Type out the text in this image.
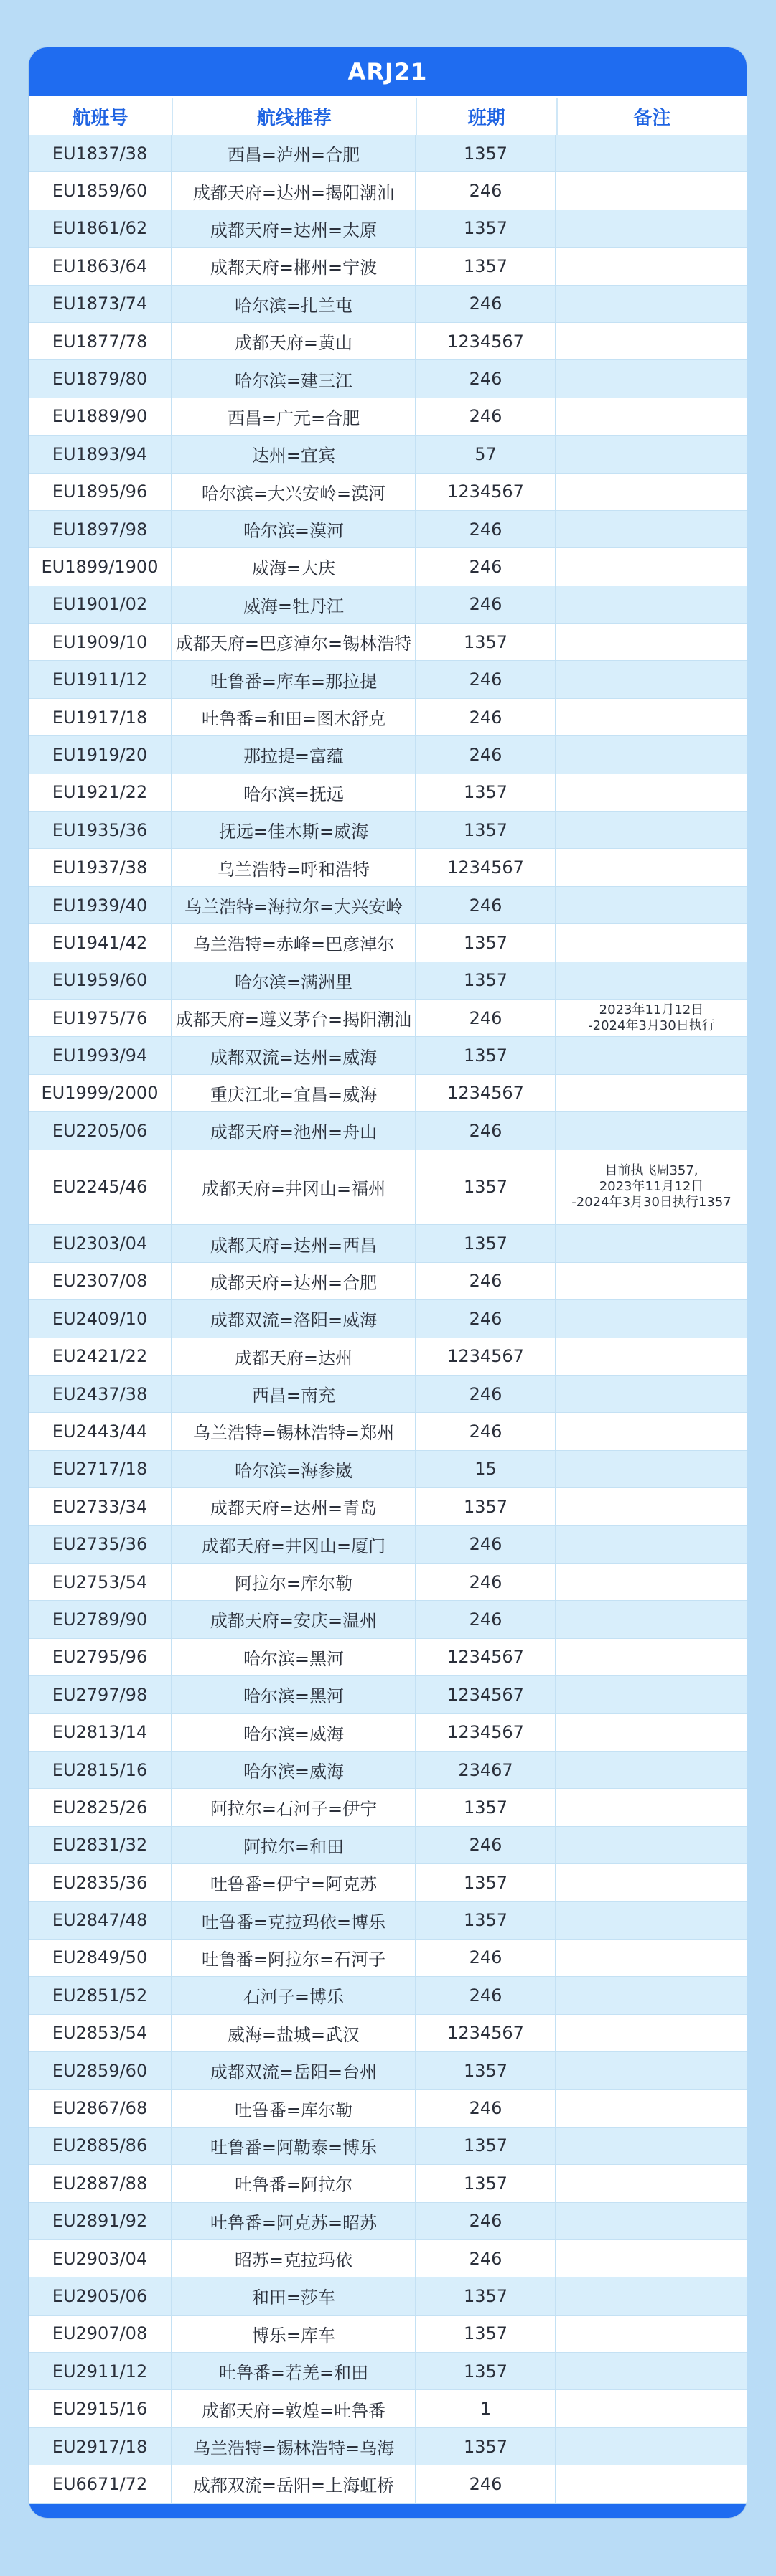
ARJ21
航班号	航线推荐	班期	备注
EU1837/38	西昌=泸州=合肥	1357
EU1859/60	成都天府=达州=揭阳潮汕	246
EU1861/62	成都天府=达州=太原	1357
EU1863/64	成都天府=郴州=宁波	1357
EU1873/74	哈尔滨=扎兰屯	246
EU1877/78	成都天府=黄山	1234567
EU1879/80	哈尔滨=建三江	246
EU1889/90	西昌=广元=合肥	246
EU1893/94	达州=宜宾	57
EU1895/96	哈尔滨=大兴安岭=漠河	1234567
EU1897/98	哈尔滨=漠河	246
EU1899/1900	威海=大庆	246
EU1901/02	威海=牡丹江	246
EU1909/10	成都天府=巴彦淖尔=锡林浩特	1357
EU1911/12	吐鲁番=库车=那拉提	246
EU1917/18	吐鲁番=和田=图木舒克	246
EU1919/20	那拉提=富蕴	246
EU1921/22	哈尔滨=抚远	1357
EU1935/36	抚远=佳木斯=威海	1357
EU1937/38	乌兰浩特=呼和浩特	1234567
EU1939/40	乌兰浩特=海拉尔=大兴安岭	246
EU1941/42	乌兰浩特=赤峰=巴彦淖尔	1357
EU1959/60	哈尔滨=满洲里	1357
EU1975/76	成都天府=遵义茅台=揭阳潮汕	246	2023年11月12日
-2024年3月30日执行
EU1993/94	成都双流=达州=威海	1357
EU1999/2000	重庆江北=宜昌=威海	1234567
EU2205/06	成都天府=池州=舟山	246
EU2245/46	成都天府=井冈山=福州	1357
目前执飞周357,
2023年11月12日
-2024年3月30日执行1357
EU2303/04	成都天府=达州=西昌	1357
EU2307/08	成都天府=达州=合肥	246
EU2409/10	成都双流=洛阳=威海	246
EU2421/22	成都天府=达州	1234567
EU2437/38	西昌=南充	246
EU2443/44	乌兰浩特=锡林浩特=郑州	246
EU2717/18	哈尔滨=海参崴	15
EU2733/34	成都天府=达州=青岛	1357
EU2735/36	成都天府=井冈山=厦门	246
EU2753/54	阿拉尔=库尔勒	246
EU2789/90	成都天府=安庆=温州	246
EU2795/96	哈尔滨=黑河	1234567
EU2797/98	哈尔滨=黑河	1234567
EU2813/14	哈尔滨=威海	1234567
EU2815/16	哈尔滨=威海	23467
EU2825/26	阿拉尔=石河子=伊宁	1357
EU2831/32	阿拉尔=和田	246
EU2835/36	吐鲁番=伊宁=阿克苏	1357
EU2847/48	吐鲁番=克拉玛依=博乐	1357
EU2849/50	吐鲁番=阿拉尔=石河子	246
EU2851/52	石河子=博乐	246
EU2853/54	威海=盐城=武汉	1234567
EU2859/60	成都双流=岳阳=台州	1357
EU2867/68	吐鲁番=库尔勒	246
EU2885/86	吐鲁番=阿勒泰=博乐	1357
EU2887/88	吐鲁番=阿拉尔	1357
EU2891/92	吐鲁番=阿克苏=昭苏	246
EU2903/04	昭苏=克拉玛依	246
EU2905/06	和田=莎车	1357
EU2907/08	博乐=库车	1357
EU2911/12	吐鲁番=若羌=和田	1357
EU2915/16	成都天府=敦煌=吐鲁番	1
EU2917/18	乌兰浩特=锡林浩特=乌海	1357
EU6671/72	成都双流=岳阳=上海虹桥	246
